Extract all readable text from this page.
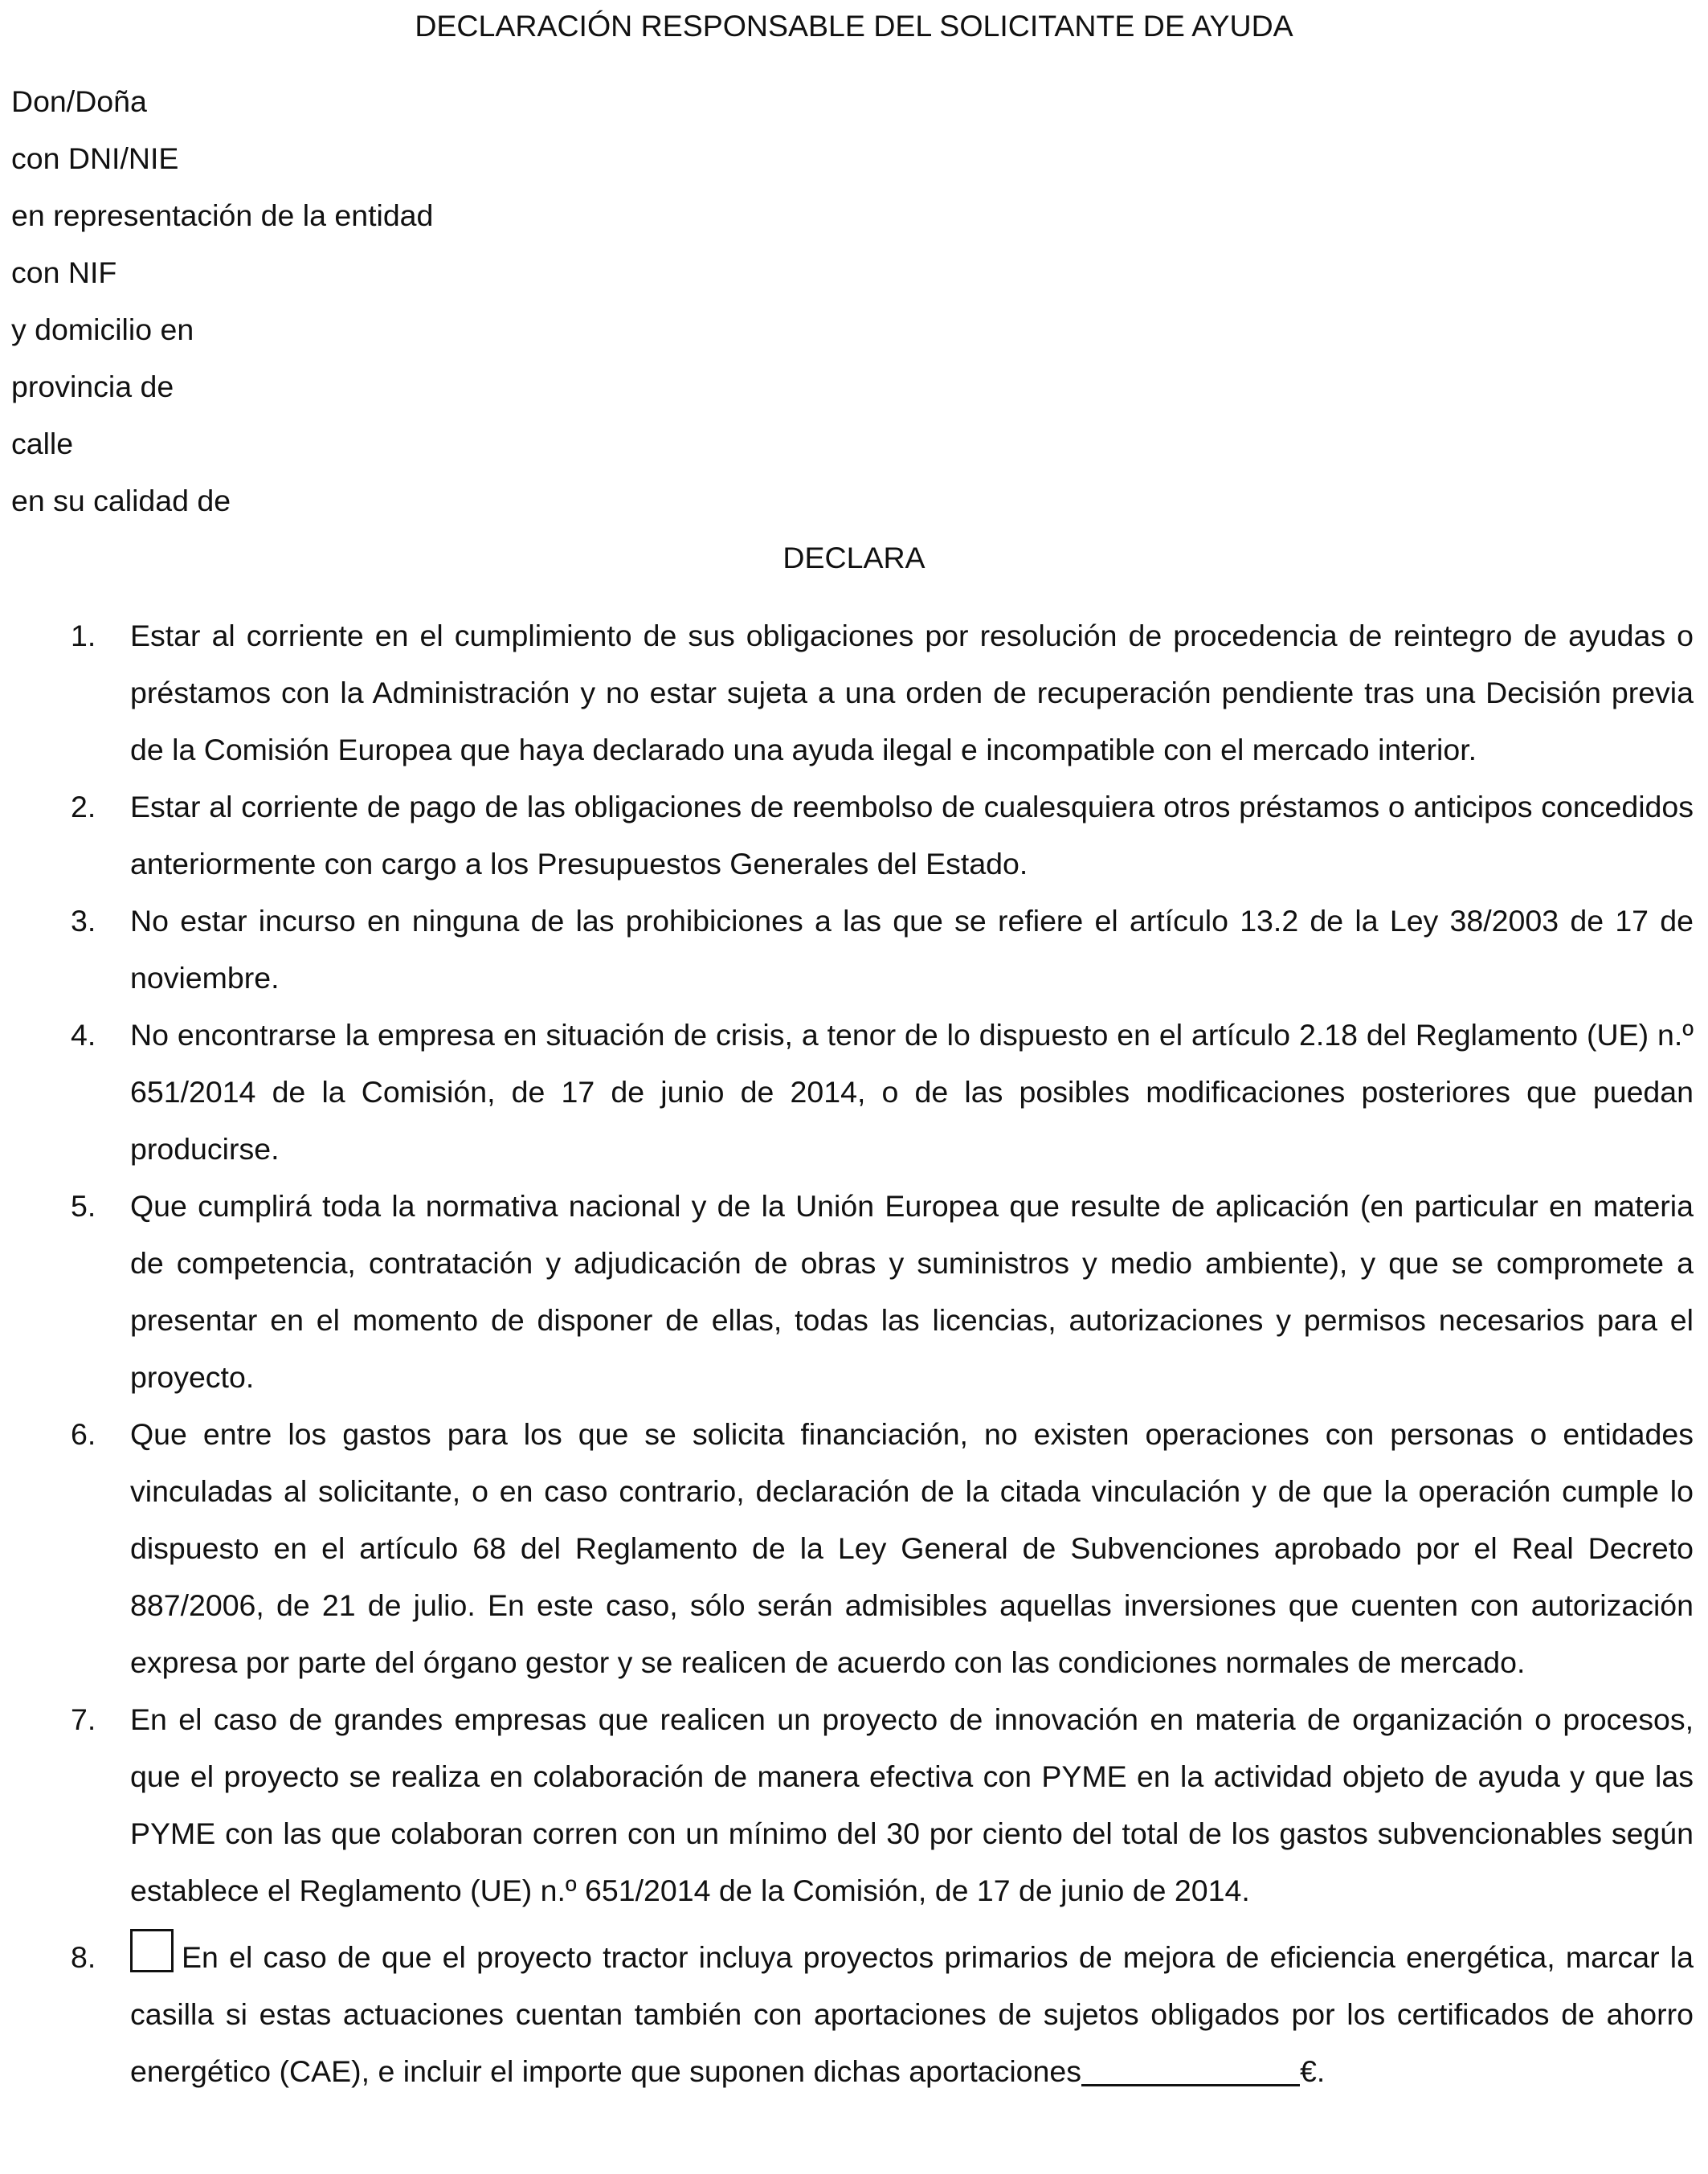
DECLARACIÓN RESPONSABLE DEL SOLICITANTE DE AYUDA
Don/Doña
con DNI/NIE
en representación de la entidad
con NIF
y domicilio en
provincia de
calle
en su calidad de
DECLARA
1. Estar al corriente en el cumplimiento de sus obligaciones por resolución de procedencia de reintegro de ayudas o préstamos con la Administración y no estar sujeta a una orden de recuperación pendiente tras una Decisión previa de la Comisión Europea que haya declarado una ayuda ilegal e incompatible con el mercado interior.
2. Estar al corriente de pago de las obligaciones de reembolso de cualesquiera otros préstamos o anticipos concedidos anteriormente con cargo a los Presupuestos Generales del Estado.
3. No estar incurso en ninguna de las prohibiciones a las que se refiere el artículo 13.2 de la Ley 38/2003 de 17 de noviembre.
4. No encontrarse la empresa en situación de crisis, a tenor de lo dispuesto en el artículo 2.18 del Reglamento (UE) n.º 651/2014 de la Comisión, de 17 de junio de 2014, o de las posibles modificaciones posteriores que puedan producirse.
5. Que cumplirá toda la normativa nacional y de la Unión Europea que resulte de aplicación (en particular en materia de competencia, contratación y adjudicación de obras y suministros y medio ambiente), y que se compromete a presentar en el momento de disponer de ellas, todas las licencias, autorizaciones y permisos necesarios para el proyecto.
6. Que entre los gastos para los que se solicita financiación, no existen operaciones con personas o entidades vinculadas al solicitante, o en caso contrario, declaración de la citada vinculación y de que la operación cumple lo dispuesto en el artículo 68 del Reglamento de la Ley General de Subvenciones aprobado por el Real Decreto 887/2006, de 21 de julio. En este caso, sólo serán admisibles aquellas inversiones que cuenten con autorización expresa por parte del órgano gestor y se realicen de acuerdo con las condiciones normales de mercado.
7. En el caso de grandes empresas que realicen un proyecto de innovación en materia de organización o procesos, que el proyecto se realiza en colaboración de manera efectiva con PYME en la actividad objeto de ayuda y que las PYME con las que colaboran corren con un mínimo del 30 por ciento del total de los gastos subvencionables según establece el Reglamento (UE) n.º 651/2014 de la Comisión, de 17 de junio de 2014.
8.	En el caso de que el proyecto tractor incluya proyectos primarios de mejora de eficiencia energética, marcar la casilla si estas actuaciones cuentan también con aportaciones de sujetos obligados por los certificados de ahorro energético (CAE), e incluir el importe que suponen dichas aportaciones	€.
